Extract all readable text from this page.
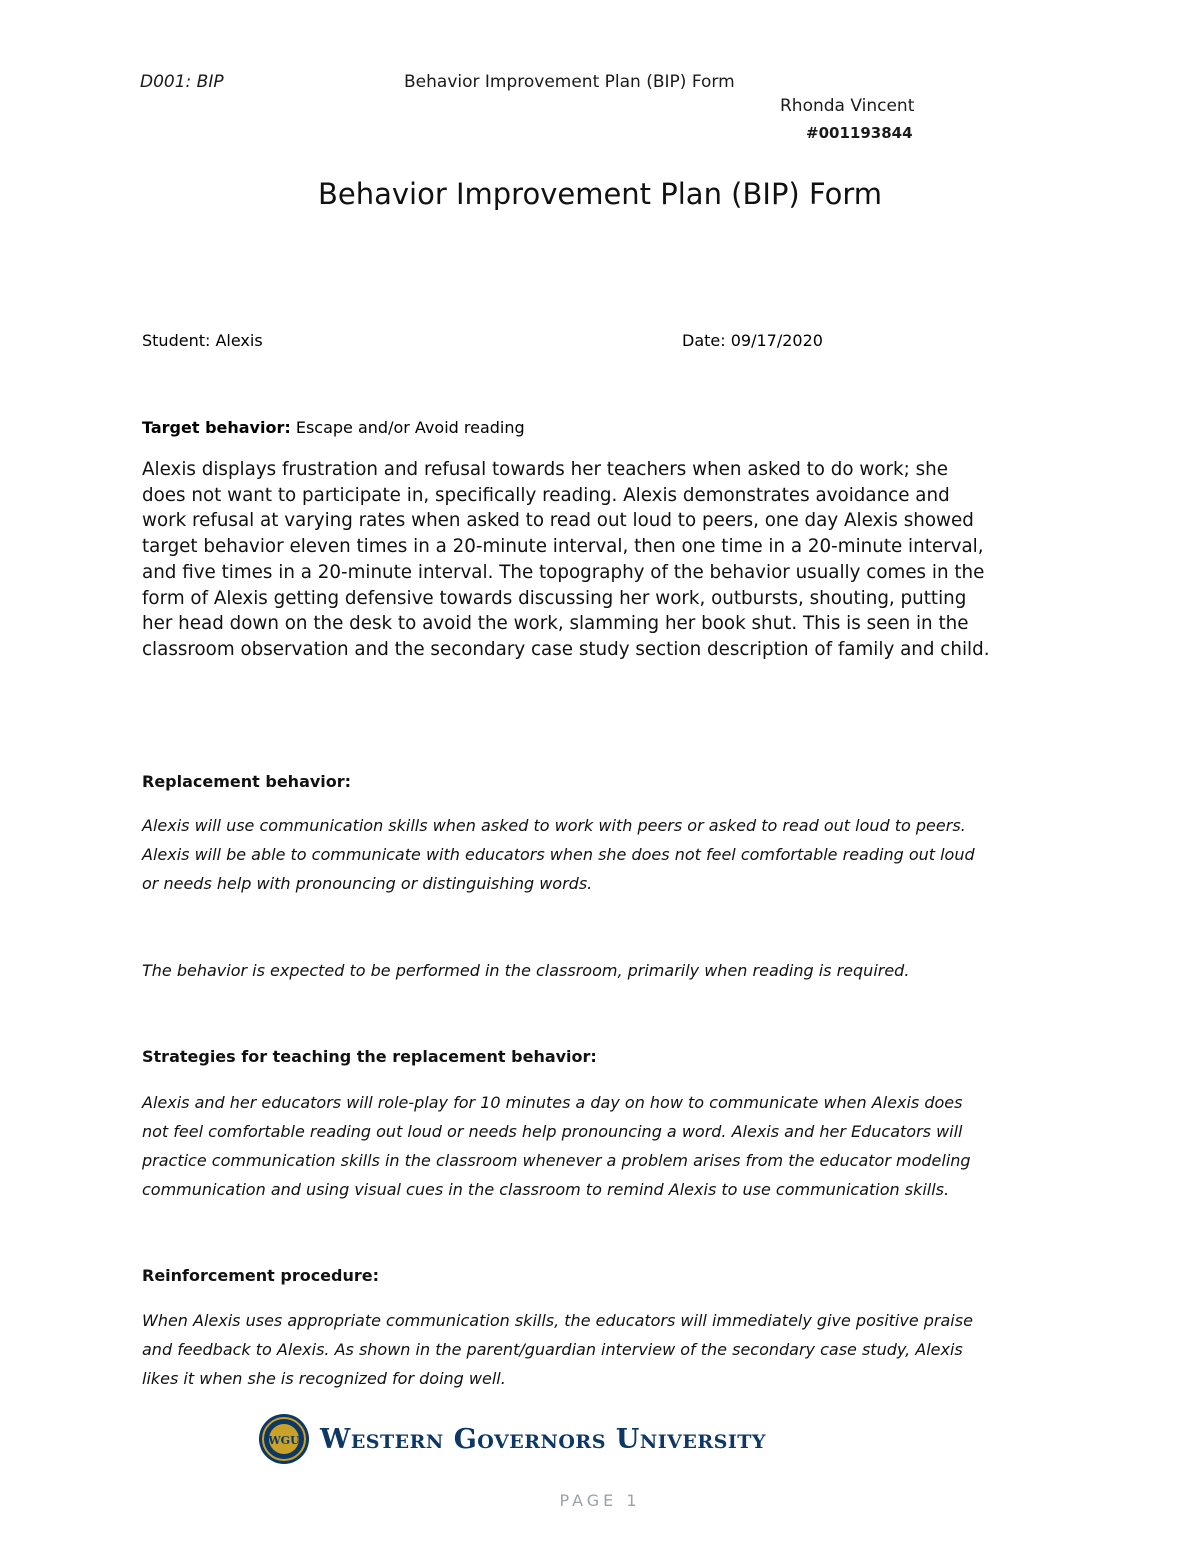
D001: BIP	Behavior Improvement Plan (BIP) Form
Rhonda Vincent
#001193844
Behavior Improvement Plan (BIP) Form
Student: Alexis	Date: 09/17/2020
Target behavior: Escape and/or Avoid reading
Alexis displays frustration and refusal towards her teachers when asked to do work; she
does not want to participate in, specifically reading. Alexis demonstrates avoidance and
work refusal at varying rates when asked to read out loud to peers, one day Alexis showed
target behavior eleven times in a 20-minute interval, then one time in a 20-minute interval,
and five times in a 20-minute interval. The topography of the behavior usually comes in the
form of Alexis getting defensive towards discussing her work, outbursts, shouting, putting
her head down on the desk to avoid the work, slamming her book shut. This is seen in the
classroom observation and the secondary case study section description of family and child.
Replacement behavior:
Alexis will use communication skills when asked to work with peers or asked to read out loud to peers.
Alexis will be able to communicate with educators when she does not feel comfortable reading out loud
or needs help with pronouncing or distinguishing words.
The behavior is expected to be performed in the classroom, primarily when reading is required.
Strategies for teaching the replacement behavior:
Alexis and her educators will role-play for 10 minutes a day on how to communicate when Alexis does
not feel comfortable reading out loud or needs help pronouncing a word. Alexis and her Educators will
practice communication skills in the classroom whenever a problem arises from the educator modeling
communication and using visual cues in the classroom to remind Alexis to use communication skills.
Reinforcement procedure:
When Alexis uses appropriate communication skills, the educators will immediately give positive praise
and feedback to Alexis. As shown in the parent/guardian interview of the secondary case study, Alexis
likes it when she is recognized for doing well.
WGU Western Governors University
PAGE 1
